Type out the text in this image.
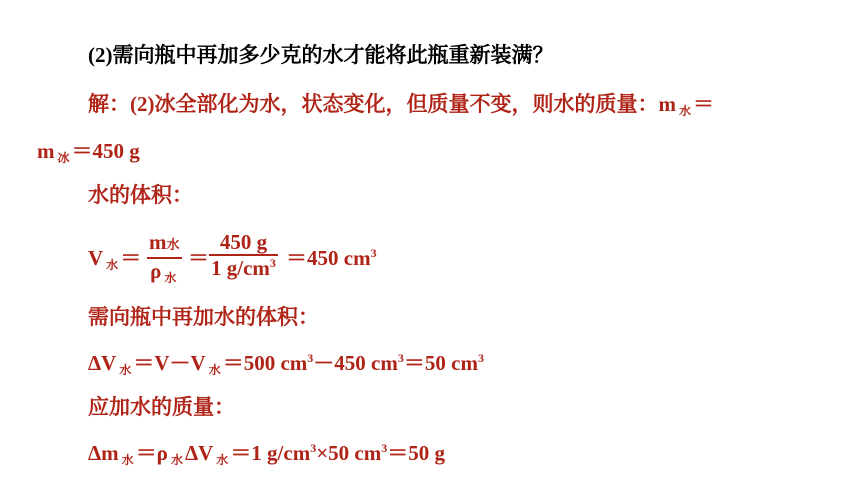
(2)需向瓶中再加多少克的水才能将此瓶重新装满？
解：(2)冰全部化为水，状态变化，但质量不变，则水的质量：m 水＝
m冰＝450 g
水的体积：
V水＝
m水
ρ水
＝ $\frac{450 g}{1 g/cm^3} =450$ $cm^3$
需向瓶中再加水的体积：
ΔV 水＝V－V 水＝500 $cm^3-450$ $cm^3=50$ $cm^3$
应加水的质量：
Δm 水＝ρ 水ΔV 水＝1 $g/cm^3\times 50$ $cm^3=50$ g
